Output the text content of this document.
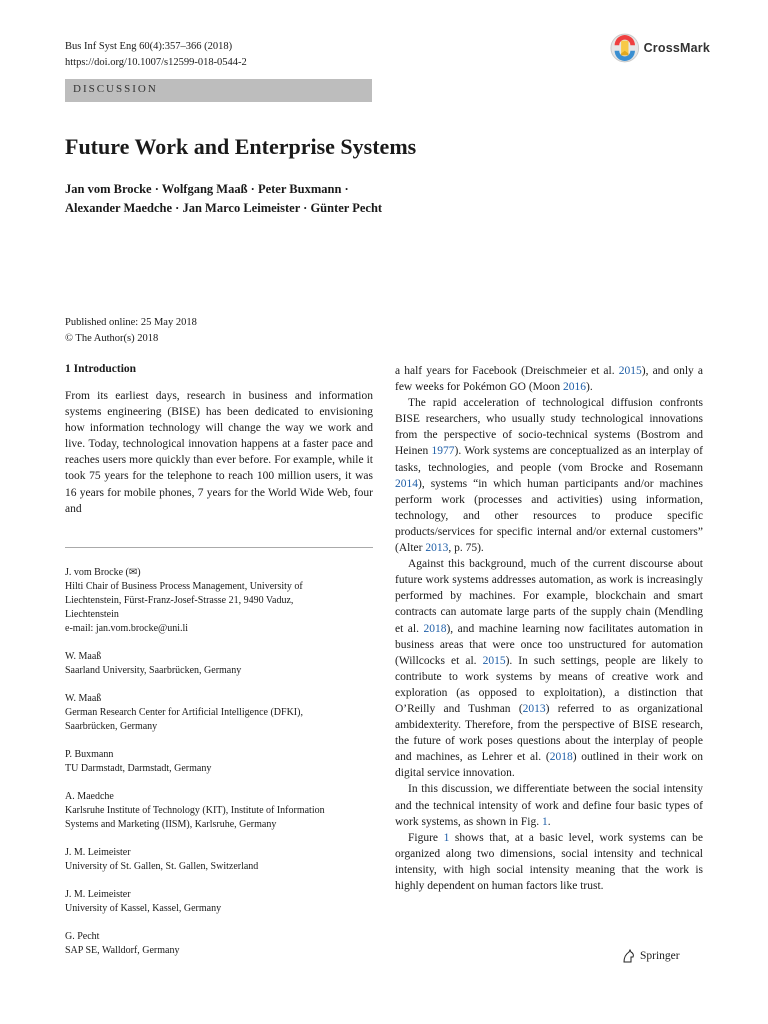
Bus Inf Syst Eng 60(4):357–366 (2018)
https://doi.org/10.1007/s12599-018-0544-2
CrossMark
DISCUSSION
Future Work and Enterprise Systems
Jan vom Brocke · Wolfgang Maaß · Peter Buxmann ·
Alexander Maedche · Jan Marco Leimeister · Günter Pecht
Published online: 25 May 2018
© The Author(s) 2018
1 Introduction

From its earliest days, research in business and information systems engineering (BISE) has been dedicated to envisioning how information technology will change the way we work and live. Today, technological innovation happens at a faster pace and reaches users more quickly than ever before. For example, while it took 75 years for the telephone to reach 100 million users, it was 16 years for mobile phones, 7 years for the World Wide Web, four and

J. vom Brocke (✉)
Hilti Chair of Business Process Management, University of
Liechtenstein, Fürst-Franz-Josef-Strasse 21, 9490 Vaduz,
Liechtenstein
e-mail: jan.vom.brocke@uni.li
W. Maaß
Saarland University, Saarbrücken, Germany
W. Maaß
German Research Center for Artificial Intelligence (DFKI),
Saarbrücken, Germany
P. Buxmann
TU Darmstadt, Darmstadt, Germany
A. Maedche
Karlsruhe Institute of Technology (KIT), Institute of Information
Systems and Marketing (IISM), Karlsruhe, Germany
J. M. Leimeister
University of St. Gallen, St. Gallen, Switzerland
J. M. Leimeister
University of Kassel, Kassel, Germany
G. Pecht
SAP SE, Walldorf, Germany

a half years for Facebook (Dreischmeier et al. 2015), and only a few weeks for Pokémon GO (Moon 2016).

The rapid acceleration of technological diffusion confronts BISE researchers, who usually study technological innovations from the perspective of socio-technical systems (Bostrom and Heinen 1977). Work systems are conceptualized as an interplay of tasks, technologies, and people (vom Brocke and Rosemann 2014), systems “in which human participants and/or machines perform work (processes and activities) using information, technology, and other resources to produce specific products/services for specific internal and/or external customers” (Alter 2013, p. 75).

Against this background, much of the current discourse about future work systems addresses automation, as work is increasingly performed by machines. For example, blockchain and smart contracts can automate large parts of the supply chain (Mendling et al. 2018), and machine learning now facilitates automation in business areas that were once too unstructured for automation (Willcocks et al. 2015). In such settings, people are likely to contribute to work systems by means of creative work and exploration (as opposed to exploitation), a distinction that O’Reilly and Tushman (2013) referred to as organizational ambidexterity. Therefore, from the perspective of BISE research, the future of work poses questions about the interplay of people and machines, as Lehrer et al. (2018) outlined in their work on digital service innovation.

In this discussion, we differentiate between the social intensity and the technical intensity of work and define four basic types of work systems, as shown in Fig. 1.

Figure 1 shows that, at a basic level, work systems can be organized along two dimensions, social intensity and technical intensity, with high social intensity meaning that the work is highly dependent on human factors like trust.

Springer
